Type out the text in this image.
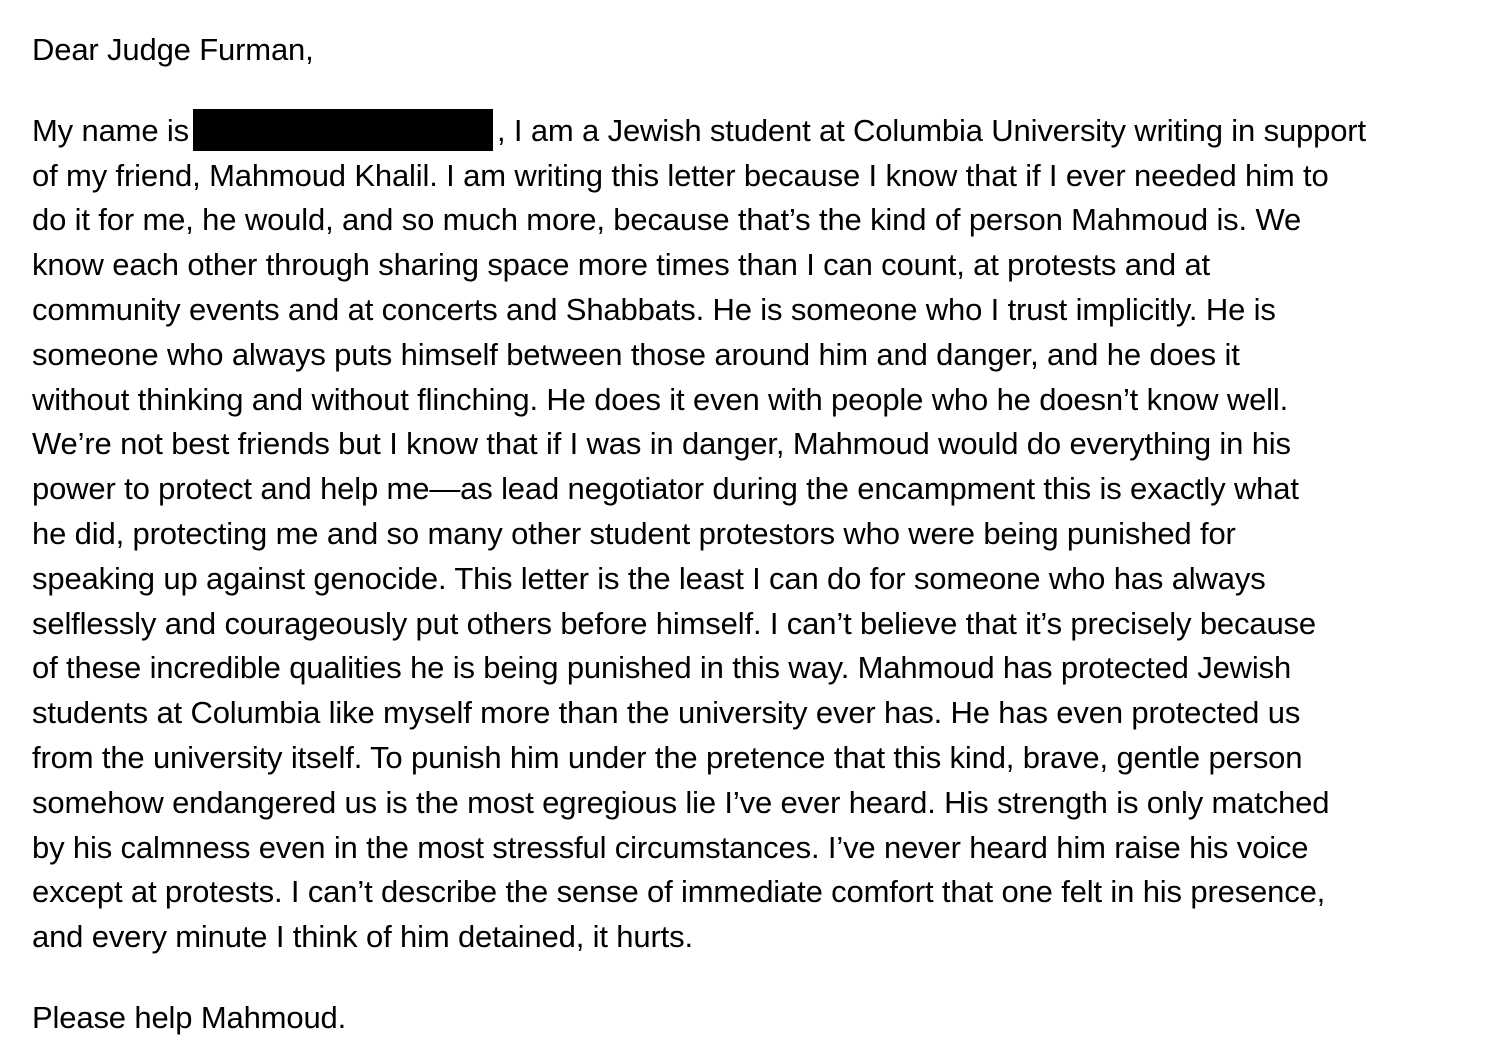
Dear Judge Furman,
My name is	, I am a Jewish student at Columbia University writing in support
of my friend, Mahmoud Khalil. I am writing this letter because I know that if I ever needed him to
do it for me, he would, and so much more, because that’s the kind of person Mahmoud is. We
know each other through sharing space more times than I can count, at protests and at
community events and at concerts and Shabbats. He is someone who I trust implicitly. He is
someone who always puts himself between those around him and danger, and he does it
without thinking and without flinching. He does it even with people who he doesn’t know well.
We’re not best friends but I know that if I was in danger, Mahmoud would do everything in his
power to protect and help me—as lead negotiator during the encampment this is exactly what
he did, protecting me and so many other student protestors who were being punished for
speaking up against genocide. This letter is the least I can do for someone who has always
selflessly and courageously put others before himself. I can’t believe that it’s precisely because
of these incredible qualities he is being punished in this way. Mahmoud has protected Jewish
students at Columbia like myself more than the university ever has. He has even protected us
from the university itself. To punish him under the pretence that this kind, brave, gentle person
somehow endangered us is the most egregious lie I’ve ever heard. His strength is only matched
by his calmness even in the most stressful circumstances. I’ve never heard him raise his voice
except at protests. I can’t describe the sense of immediate comfort that one felt in his presence,
and every minute I think of him detained, it hurts.
Please help Mahmoud.
